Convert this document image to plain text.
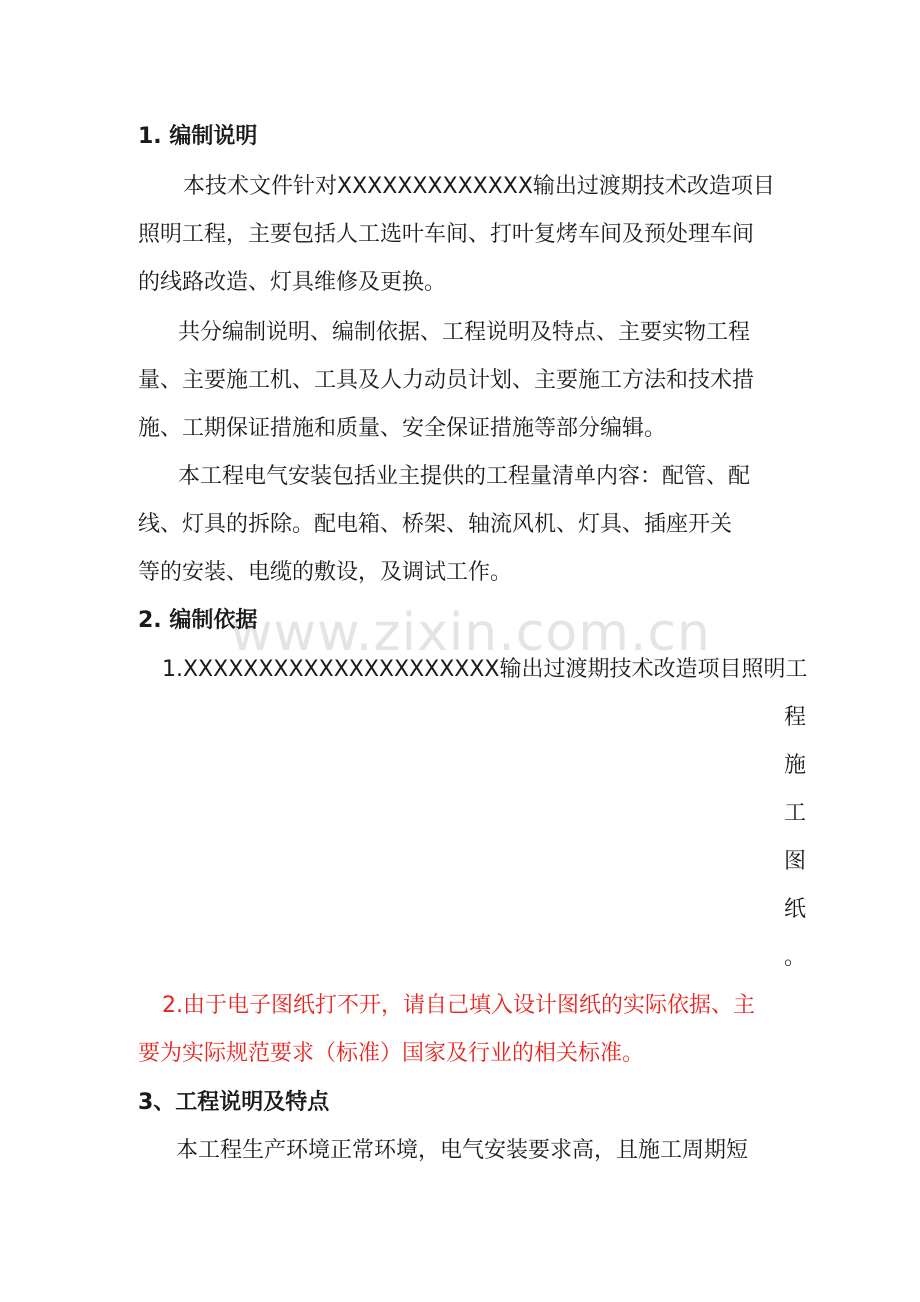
www.zixin.com.cn
1. 编制说明
本技术文件针对XXXXXXXXXXXXX输出过渡期技术改造项目
照明工程，主要包括人工选叶车间、打叶复烤车间及预处理车间
的线路改造、灯具维修及更换。
共分编制说明、编制依据、工程说明及特点、主要实物工程
量、主要施工机、工具及人力动员计划、主要施工方法和技术措
施、工期保证措施和质量、安全保证措施等部分编辑。
本工程电气安装包括业主提供的工程量清单内容：配管、配
线、灯具的拆除。配电箱、桥架、轴流风机、灯具、插座开关
等的安装、电缆的敷设，及调试工作。
2. 编制依据
1.XXXXXXXXXXXXXXXXXXXXX输出过渡期技术改造项目照明工
程
施
工
图
纸
。
2.由于电子图纸打不开，请自己填入设计图纸的实际依据、主
要为实际规范要求（标准）国家及行业的相关标准。
3、工程说明及特点
本工程生产环境正常环境，电气安装要求高，且施工周期短
